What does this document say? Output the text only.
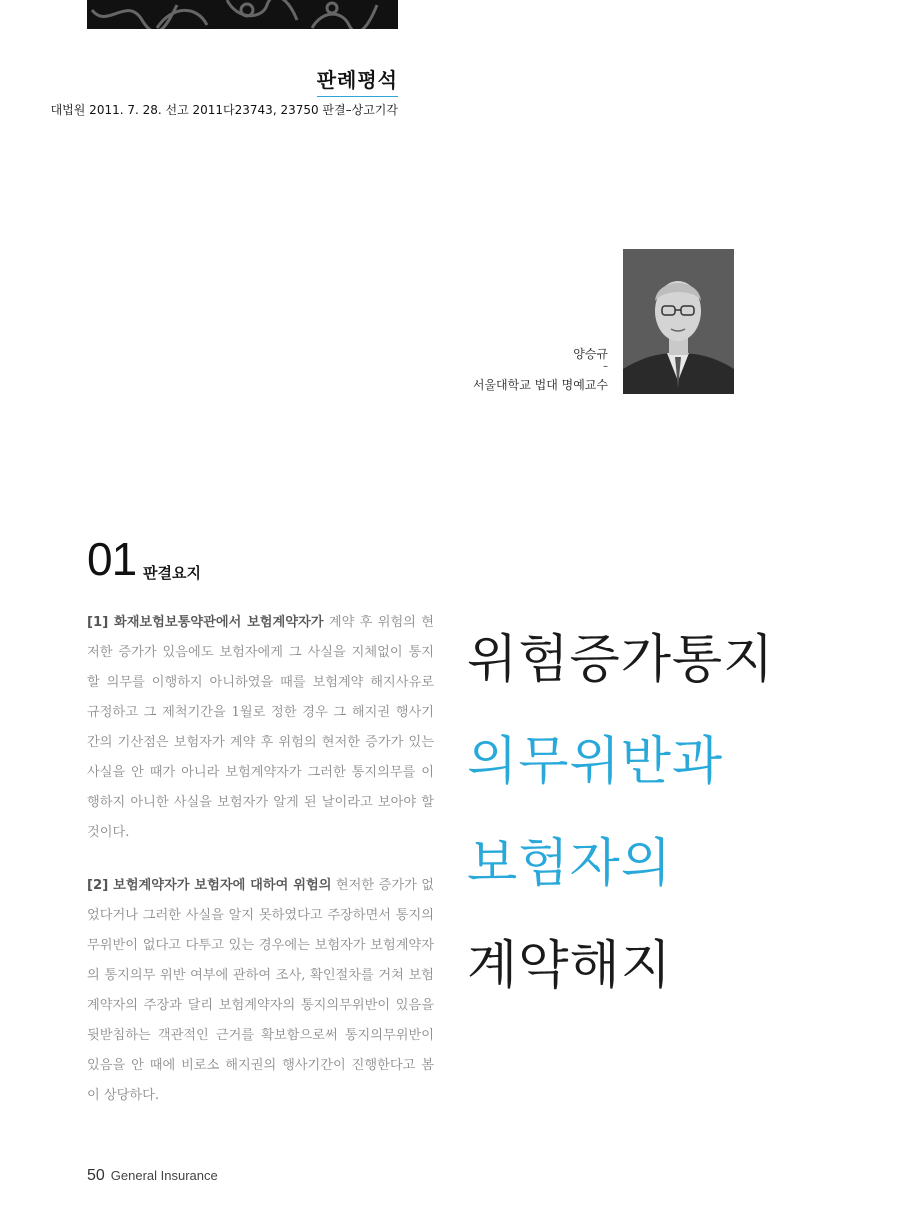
판례평석
대법원 2011. 7. 28. 선고 2011다23743, 23750 판결–상고기각
양승규
–
서울대학교 법대 명예교수
01 판결요지
[1] 화재보험보통약관에서 보험계약자가 계약 후 위험의 현저한 증가가 있음에도 보험자에게 그 사실을 지체없이 통지할 의무를 이행하지 아니하였을 때를 보험계약 해지사유로 규정하고 그 제척기간을 1월로 정한 경우 그 해지권 행사기간의 기산점은 보험자가 계약 후 위험의 현저한 증가가 있는 사실을 안 때가 아니라 보험계약자가 그러한 통지의무를 이행하지 아니한 사실을 보험자가 알게 된 날이라고 보아야 할 것이다.
[2] 보험계약자가 보험자에 대하여 위험의 현저한 증가가 없었다거나 그러한 사실을 알지 못하였다고 주장하면서 통지의무위반이 없다고 다투고 있는 경우에는 보험자가 보험계약자의 통지의무 위반 여부에 관하여 조사, 확인절차를 거쳐 보험계약자의 주장과 달리 보험계약자의 통지의무위반이 있음을 뒷받침하는 객관적인 근거를 확보함으로써 통지의무위반이 있음을 안 때에 비로소 해지권의 행사기간이 진행한다고 봄이 상당하다.
위험증가통지
의무위반과
보험자의
계약해지
50 General Insurance
